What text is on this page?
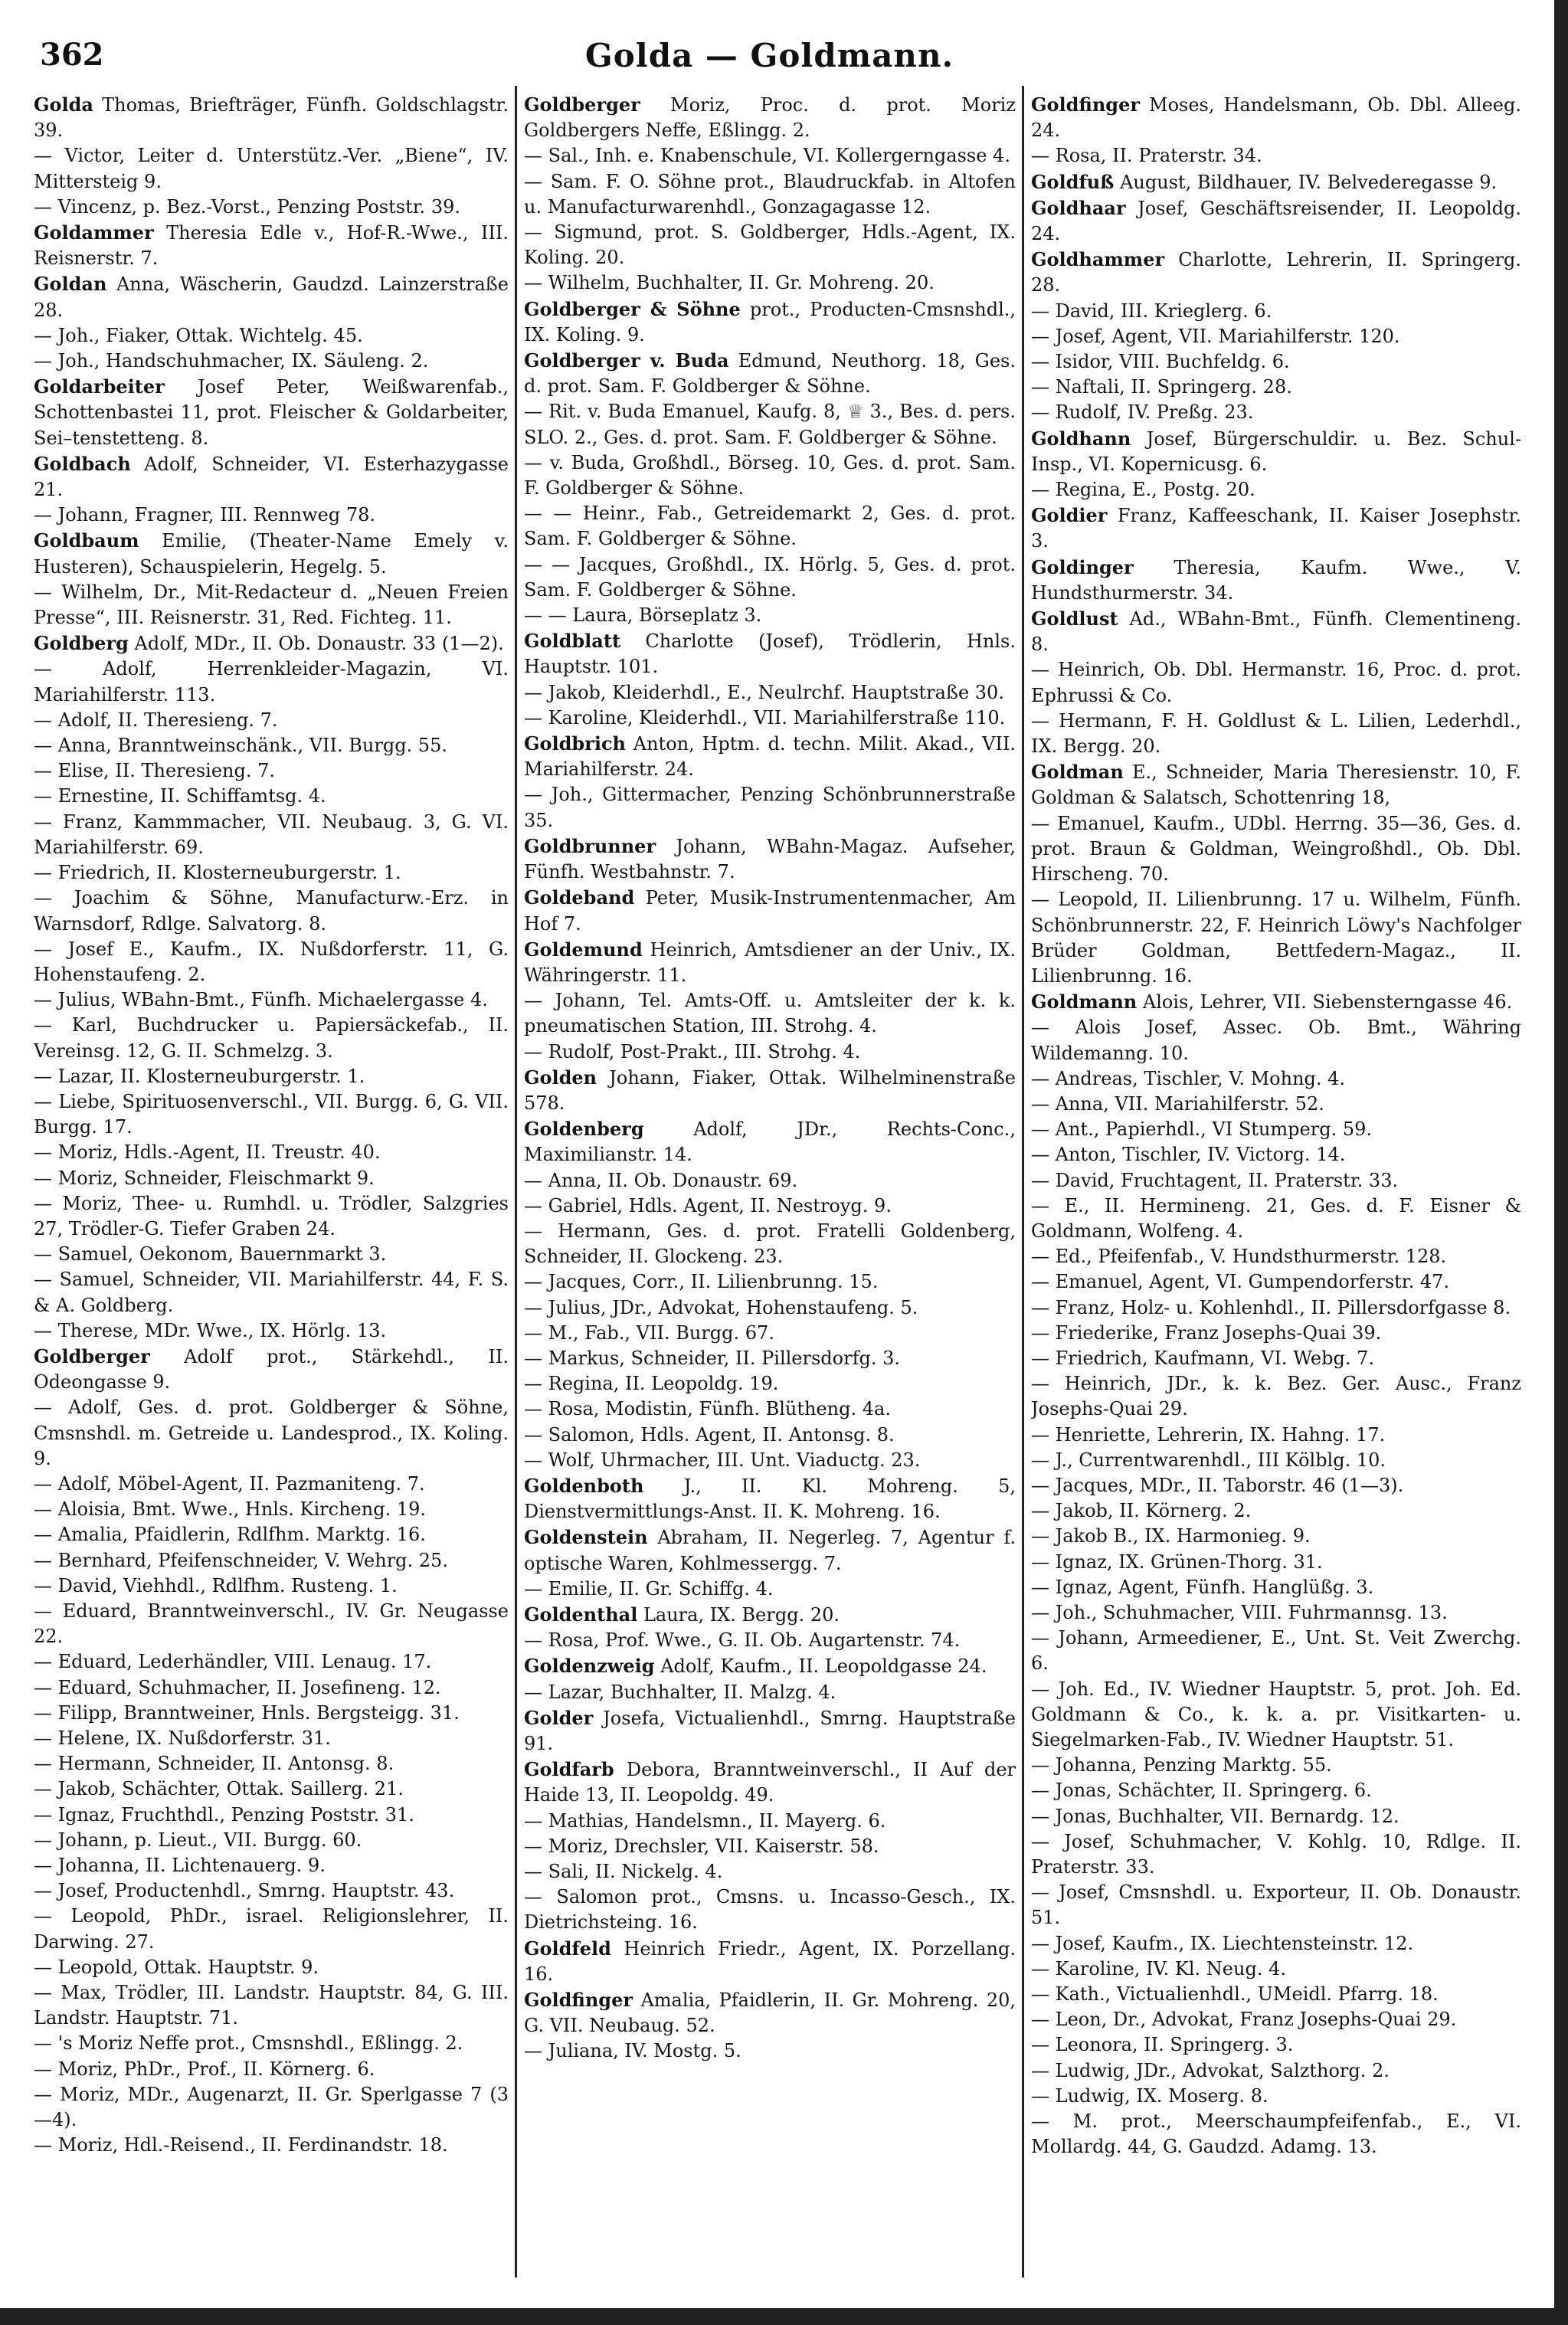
362	Golda — Goldmann.
Golda Thomas, Briefträger, Fünfh. Goldschlagstr. 39.
— Victor, Leiter d. Unterstütz.-Ver. „Biene“, IV. Mittersteig 9.
— Vincenz, p. Bez.-Vorst., Penzing Poststr. 39.
Goldammer Theresia Edle v., Hof-R.-Wwe., III. Reisnerstr. 7.
Goldan Anna, Wäscherin, Gaudzd. Lainzerstraße 28.
— Joh., Fiaker, Ottak. Wichtelg. 45.
— Joh., Handschuhmacher, IX. Säuleng. 2.
Goldarbeiter Josef Peter, Weißwarenfab., Schottenbastei 11, prot. Fleischer & Goldarbeiter, Sei–tenstetteng. 8.
Goldbach Adolf, Schneider, VI. Esterhazygasse 21.
— Johann, Fragner, III. Rennweg 78.
Goldbaum Emilie, (Theater-Name Emely v. Husteren), Schauspielerin, Hegelg. 5.
— Wilhelm, Dr., Mit-Redacteur d. „Neuen Freien Presse“, III. Reisnerstr. 31, Red. Fichteg. 11.
Goldberg Adolf, MDr., II. Ob. Donaustr. 33 (1—2).
— Adolf, Herrenkleider-Magazin, VI. Mariahilferstr. 113.
— Adolf, II. Theresieng. 7.
— Anna, Branntweinschänk., VII. Burgg. 55.
— Elise, II. Theresieng. 7.
— Ernestine, II. Schiffamtsg. 4.
— Franz, Kammmacher, VII. Neubaug. 3, G. VI. Mariahilferstr. 69.
— Friedrich, II. Klosterneuburgerstr. 1.
— Joachim & Söhne, Manufacturw.-Erz. in Warnsdorf, Rdlge. Salvatorg. 8.
— Josef E., Kaufm., IX. Nußdorferstr. 11, G. Hohenstaufeng. 2.
— Julius, WBahn-Bmt., Fünfh. Michaelergasse 4.
— Karl, Buchdrucker u. Papiersäckefab., II. Vereinsg. 12, G. II. Schmelzg. 3.
— Lazar, II. Klosterneuburgerstr. 1.
— Liebe, Spirituosenverschl., VII. Burgg. 6, G. VII. Burgg. 17.
— Moriz, Hdls.-Agent, II. Treustr. 40.
— Moriz, Schneider, Fleischmarkt 9.
— Moriz, Thee- u. Rumhdl. u. Trödler, Salzgries 27, Trödler-G. Tiefer Graben 24.
— Samuel, Oekonom, Bauernmarkt 3.
— Samuel, Schneider, VII. Mariahilferstr. 44, F. S. & A. Goldberg.
— Therese, MDr. Wwe., IX. Hörlg. 13.
Goldberger Adolf prot., Stärkehdl., II. Odeongasse 9.
— Adolf, Ges. d. prot. Goldberger & Söhne, Cmsnshdl. m. Getreide u. Landesprod., IX. Koling. 9.
— Adolf, Möbel-Agent, II. Pazmaniteng. 7.
— Aloisia, Bmt. Wwe., Hnls. Kircheng. 19.
— Amalia, Pfaidlerin, Rdlfhm. Marktg. 16.
— Bernhard, Pfeifenschneider, V. Wehrg. 25.
— David, Viehhdl., Rdlfhm. Rusteng. 1.
— Eduard, Branntweinverschl., IV. Gr. Neugasse 22.
— Eduard, Lederhändler, VIII. Lenaug. 17.
— Eduard, Schuhmacher, II. Josefineng. 12.
— Filipp, Branntweiner, Hnls. Bergsteigg. 31.
— Helene, IX. Nußdorferstr. 31.
— Hermann, Schneider, II. Antonsg. 8.
— Jakob, Schächter, Ottak. Saillerg. 21.
— Ignaz, Fruchthdl., Penzing Poststr. 31.
— Johann, p. Lieut., VII. Burgg. 60.
— Johanna, II. Lichtenauerg. 9.
— Josef, Productenhdl., Smrng. Hauptstr. 43.
— Leopold, PhDr., israel. Religionslehrer, II. Darwing. 27.
— Leopold, Ottak. Hauptstr. 9.
— Max, Trödler, III. Landstr. Hauptstr. 84, G. III. Landstr. Hauptstr. 71.
— 's Moriz Neffe prot., Cmsnshdl., Eßlingg. 2.
— Moriz, PhDr., Prof., II. Körnerg. 6.
— Moriz, MDr., Augenarzt, II. Gr. Sperlgasse 7 (3—4).
— Moriz, Hdl.-Reisend., II. Ferdinandstr. 18.
Goldberger Moriz, Proc. d. prot. Moriz Goldbergers Neffe, Eßlingg. 2.
— Sal., Inh. e. Knabenschule, VI. Kollergerngasse 4.
— Sam. F. O. Söhne prot., Blaudruckfab. in Altofen u. Manufacturwarenhdl., Gonzagagasse 12.
— Sigmund, prot. S. Goldberger, Hdls.-Agent, IX. Koling. 20.
— Wilhelm, Buchhalter, II. Gr. Mohreng. 20.
Goldberger & Söhne prot., Producten-Cmsnshdl., IX. Koling. 9.
Goldberger v. Buda Edmund, Neuthorg. 18, Ges. d. prot. Sam. F. Goldberger & Söhne.
— Rit. v. Buda Emanuel, Kaufg. 8, ♕ 3., Bes. d. pers. SLO. 2., Ges. d. prot. Sam. F. Goldberger & Söhne.
— v. Buda, Großhdl., Börseg. 10, Ges. d. prot. Sam. F. Goldberger & Söhne.
— — Heinr., Fab., Getreidemarkt 2, Ges. d. prot. Sam. F. Goldberger & Söhne.
— — Jacques, Großhdl., IX. Hörlg. 5, Ges. d. prot. Sam. F. Goldberger & Söhne.
— — Laura, Börseplatz 3.
Goldblatt Charlotte (Josef), Trödlerin, Hnls. Hauptstr. 101.
— Jakob, Kleiderhdl., E., Neulrchf. Hauptstraße 30.
— Karoline, Kleiderhdl., VII. Mariahilferstraße 110.
Goldbrich Anton, Hptm. d. techn. Milit. Akad., VII. Mariahilferstr. 24.
— Joh., Gittermacher, Penzing Schönbrunnerstraße 35.
Goldbrunner Johann, WBahn-Magaz. Aufseher, Fünfh. Westbahnstr. 7.
Goldeband Peter, Musik-Instrumentenmacher, Am Hof 7.
Goldemund Heinrich, Amtsdiener an der Univ., IX. Währingerstr. 11.
— Johann, Tel. Amts-Off. u. Amtsleiter der k. k. pneumatischen Station, III. Strohg. 4.
— Rudolf, Post-Prakt., III. Strohg. 4.
Golden Johann, Fiaker, Ottak. Wilhelminenstraße 578.
Goldenberg Adolf, JDr., Rechts-Conc., Maximilianstr. 14.
— Anna, II. Ob. Donaustr. 69.
— Gabriel, Hdls. Agent, II. Nestroyg. 9.
— Hermann, Ges. d. prot. Fratelli Goldenberg, Schneider, II. Glockeng. 23.
— Jacques, Corr., II. Lilienbrunng. 15.
— Julius, JDr., Advokat, Hohenstaufeng. 5.
— M., Fab., VII. Burgg. 67.
— Markus, Schneider, II. Pillersdorfg. 3.
— Regina, II. Leopoldg. 19.
— Rosa, Modistin, Fünfh. Blütheng. 4a.
— Salomon, Hdls. Agent, II. Antonsg. 8.
— Wolf, Uhrmacher, III. Unt. Viaductg. 23.
Goldenboth J., II. Kl. Mohreng. 5, Dienstvermittlungs-Anst. II. K. Mohreng. 16.
Goldenstein Abraham, II. Negerleg. 7, Agentur f. optische Waren, Kohlmessergg. 7.
— Emilie, II. Gr. Schiffg. 4.
Goldenthal Laura, IX. Bergg. 20.
— Rosa, Prof. Wwe., G. II. Ob. Augartenstr. 74.
Goldenzweig Adolf, Kaufm., II. Leopoldgasse 24.
— Lazar, Buchhalter, II. Malzg. 4.
Golder Josefa, Victualienhdl., Smrng. Hauptstraße 91.
Goldfarb Debora, Branntweinverschl., II Auf der Haide 13, II. Leopoldg. 49.
— Mathias, Handelsmn., II. Mayerg. 6.
— Moriz, Drechsler, VII. Kaiserstr. 58.
— Sali, II. Nickelg. 4.
— Salomon prot., Cmsns. u. Incasso-Gesch., IX. Dietrichsteing. 16.
Goldfeld Heinrich Friedr., Agent, IX. Porzellang. 16.
Goldfinger Amalia, Pfaidlerin, II. Gr. Mohreng. 20, G. VII. Neubaug. 52.
— Juliana, IV. Mostg. 5.
Goldfinger Moses, Handelsmann, Ob. Dbl. Alleeg. 24.
— Rosa, II. Praterstr. 34.
Goldfuß August, Bildhauer, IV. Belvederegasse 9.
Goldhaar Josef, Geschäftsreisender, II. Leopoldg. 24.
Goldhammer Charlotte, Lehrerin, II. Springerg. 28.
— David, III. Krieglerg. 6.
— Josef, Agent, VII. Mariahilferstr. 120.
— Isidor, VIII. Buchfeldg. 6.
— Naftali, II. Springerg. 28.
— Rudolf, IV. Preßg. 23.
Goldhann Josef, Bürgerschuldir. u. Bez. Schul-Insp., VI. Kopernicusg. 6.
— Regina, E., Postg. 20.
Goldier Franz, Kaffeeschank, II. Kaiser Josephstr. 3.
Goldinger Theresia, Kaufm. Wwe., V. Hundsthurmerstr. 34.
Goldlust Ad., WBahn-Bmt., Fünfh. Clementineng. 8.
— Heinrich, Ob. Dbl. Hermanstr. 16, Proc. d. prot. Ephrussi & Co.
— Hermann, F. H. Goldlust & L. Lilien, Lederhdl., IX. Bergg. 20.
Goldman E., Schneider, Maria Theresienstr. 10, F. Goldman & Salatsch, Schottenring 18,
— Emanuel, Kaufm., UDbl. Herrng. 35—36, Ges. d. prot. Braun & Goldman, Weingroßhdl., Ob. Dbl. Hirscheng. 70.
— Leopold, II. Lilienbrunng. 17 u. Wilhelm, Fünfh. Schönbrunnerstr. 22, F. Heinrich Löwy's Nachfolger Brüder Goldman, Bettfedern-Magaz., II. Lilienbrunng. 16.
Goldmann Alois, Lehrer, VII. Siebensterngasse 46.
— Alois Josef, Assec. Ob. Bmt., Währing Wildemanng. 10.
— Andreas, Tischler, V. Mohng. 4.
— Anna, VII. Mariahilferstr. 52.
— Ant., Papierhdl., VI Stumperg. 59.
— Anton, Tischler, IV. Victorg. 14.
— David, Fruchtagent, II. Praterstr. 33.
— E., II. Hermineng. 21, Ges. d. F. Eisner & Goldmann, Wolfeng. 4.
— Ed., Pfeifenfab., V. Hundsthurmerstr. 128.
— Emanuel, Agent, VI. Gumpendorferstr. 47.
— Franz, Holz- u. Kohlenhdl., II. Pillersdorfgasse 8.
— Friederike, Franz Josephs-Quai 39.
— Friedrich, Kaufmann, VI. Webg. 7.
— Heinrich, JDr., k. k. Bez. Ger. Ausc., Franz Josephs-Quai 29.
— Henriette, Lehrerin, IX. Hahng. 17.
— J., Currentwarenhdl., III Kölblg. 10.
— Jacques, MDr., II. Taborstr. 46 (1—3).
— Jakob, II. Körnerg. 2.
— Jakob B., IX. Harmonieg. 9.
— Ignaz, IX. Grünen-Thorg. 31.
— Ignaz, Agent, Fünfh. Hanglüßg. 3.
— Joh., Schuhmacher, VIII. Fuhrmannsg. 13.
— Johann, Armeediener, E., Unt. St. Veit Zwerchg. 6.
— Joh. Ed., IV. Wiedner Hauptstr. 5, prot. Joh. Ed. Goldmann & Co., k. k. a. pr. Visitkarten- u. Siegelmarken-Fab., IV. Wiedner Hauptstr. 51.
— Johanna, Penzing Marktg. 55.
— Jonas, Schächter, II. Springerg. 6.
— Jonas, Buchhalter, VII. Bernardg. 12.
— Josef, Schuhmacher, V. Kohlg. 10, Rdlge. II. Praterstr. 33.
— Josef, Cmsnshdl. u. Exporteur, II. Ob. Donaustr. 51.
— Josef, Kaufm., IX. Liechtensteinstr. 12.
— Karoline, IV. Kl. Neug. 4.
— Kath., Victualienhdl., UMeidl. Pfarrg. 18.
— Leon, Dr., Advokat, Franz Josephs-Quai 29.
— Leonora, II. Springerg. 3.
— Ludwig, JDr., Advokat, Salzthorg. 2.
— Ludwig, IX. Moserg. 8.
— M. prot., Meerschaumpfeifenfab., E., VI. Mollardg. 44, G. Gaudzd. Adamg. 13.
